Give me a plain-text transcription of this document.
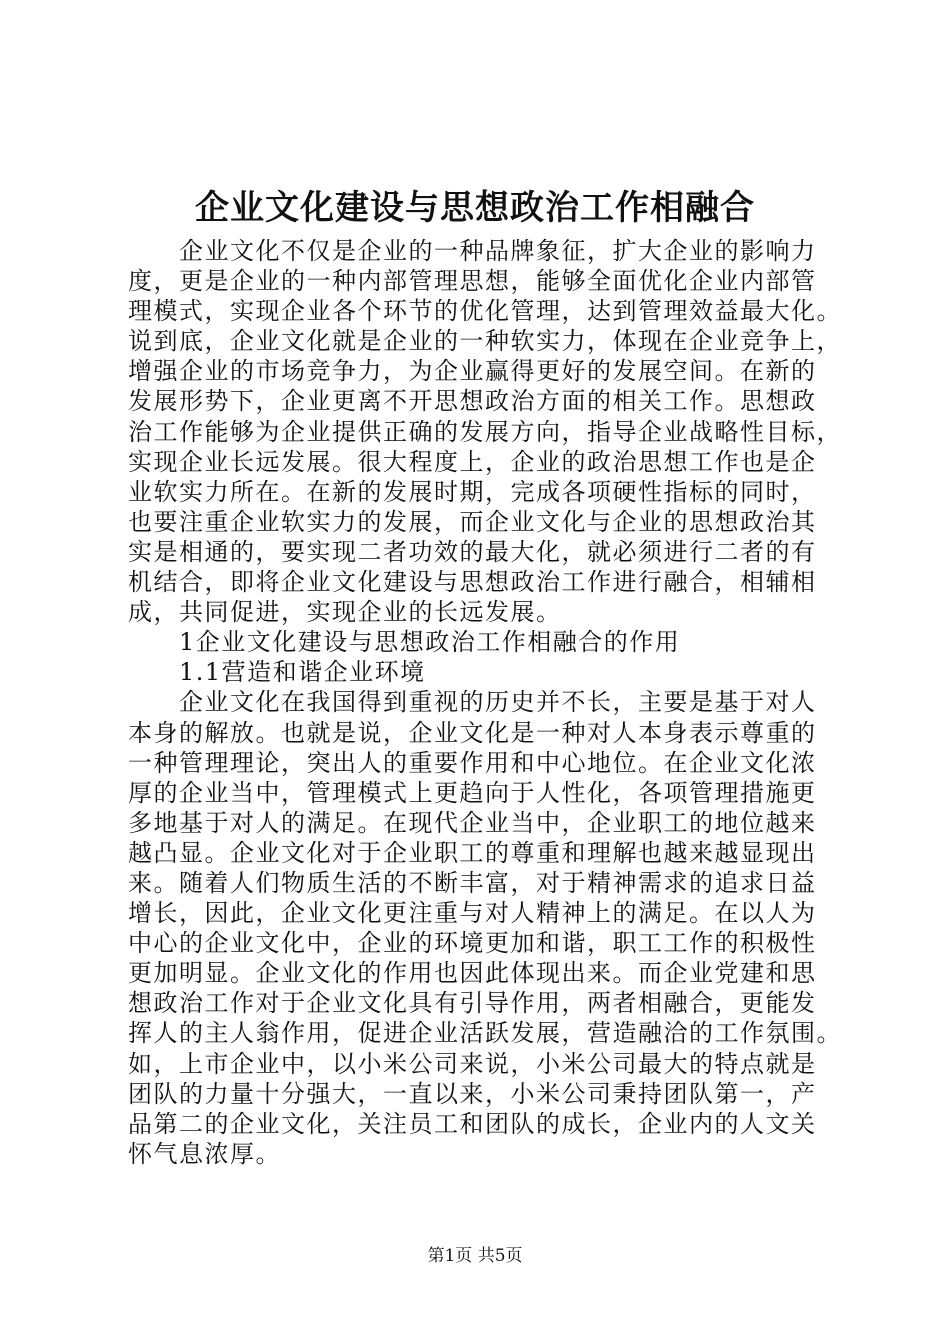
企业文化建设与思想政治工作相融合
　　企业文化不仅是企业的一种品牌象征，扩大企业的影响力
度，更是企业的一种内部管理思想，能够全面优化企业内部管
理模式，实现企业各个环节的优化管理，达到管理效益最大化。
说到底，企业文化就是企业的一种软实力，体现在企业竞争上，
增强企业的市场竞争力，为企业赢得更好的发展空间。在新的
发展形势下，企业更离不开思想政治方面的相关工作。思想政
治工作能够为企业提供正确的发展方向，指导企业战略性目标，
实现企业长远发展。很大程度上，企业的政治思想工作也是企
业软实力所在。在新的发展时期，完成各项硬性指标的同时，
也要注重企业软实力的发展，而企业文化与企业的思想政治其
实是相通的，要实现二者功效的最大化，就必须进行二者的有
机结合，即将企业文化建设与思想政治工作进行融合，相辅相
成，共同促进，实现企业的长远发展。
　　1企业文化建设与思想政治工作相融合的作用
　　1.1营造和谐企业环境
　　企业文化在我国得到重视的历史并不长，主要是基于对人
本身的解放。也就是说，企业文化是一种对人本身表示尊重的
一种管理理论，突出人的重要作用和中心地位。在企业文化浓
厚的企业当中，管理模式上更趋向于人性化，各项管理措施更
多地基于对人的满足。在现代企业当中，企业职工的地位越来
越凸显。企业文化对于企业职工的尊重和理解也越来越显现出
来。随着人们物质生活的不断丰富，对于精神需求的追求日益
增长，因此，企业文化更注重与对人精神上的满足。在以人为
中心的企业文化中，企业的环境更加和谐，职工工作的积极性
更加明显。企业文化的作用也因此体现出来。而企业党建和思
想政治工作对于企业文化具有引导作用，两者相融合，更能发
挥人的主人翁作用，促进企业活跃发展，营造融洽的工作氛围。
如，上市企业中，以小米公司来说，小米公司最大的特点就是
团队的力量十分强大，一直以来，小米公司秉持团队第一，产
品第二的企业文化，关注员工和团队的成长，企业内的人文关
怀气息浓厚。
第1页 共5页
